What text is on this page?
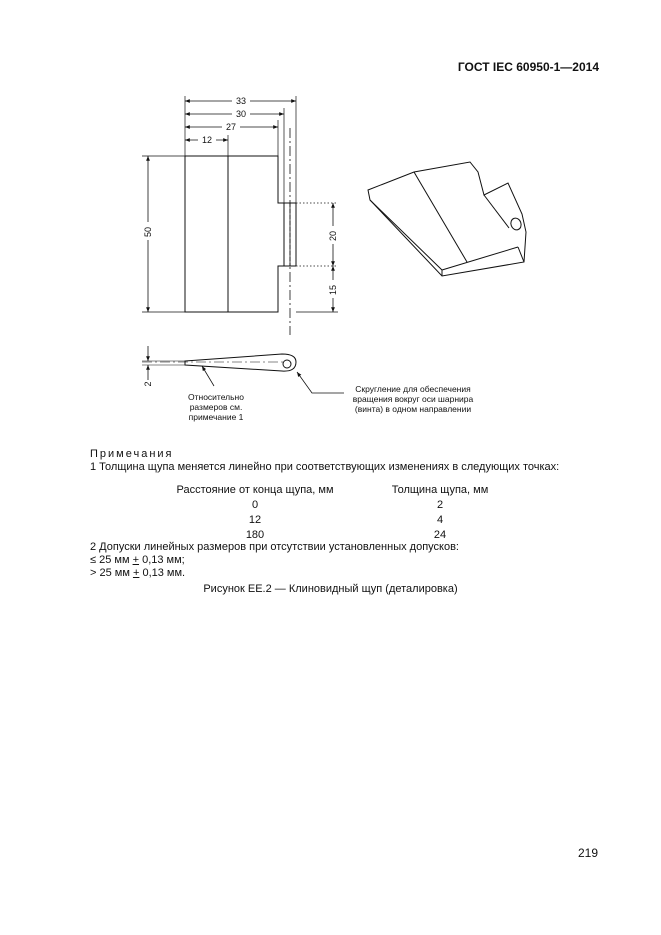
ГОСТ IEC 60950-1—2014
33
30
27
12
50	20
15
2
Относительно
размеров см.
примечание 1
Скругление для обеспечения
вращения вокруг оси шарнира
(винта) в одном направлении
Примечания
1 Толщина щупа меняется линейно при соответствующих изменениях в следующих точках:
Расстояние от конца щупа, мм
0
12
180
Толщина щупа, мм
2
4
24
2 Допуски линейных размеров при отсутствии установленных допусков:
≤ 25 мм + 0,13 мм;
> 25 мм + 0,13 мм.
Рисунок ЕЕ.2 — Клиновидный щуп (деталировка)
219
